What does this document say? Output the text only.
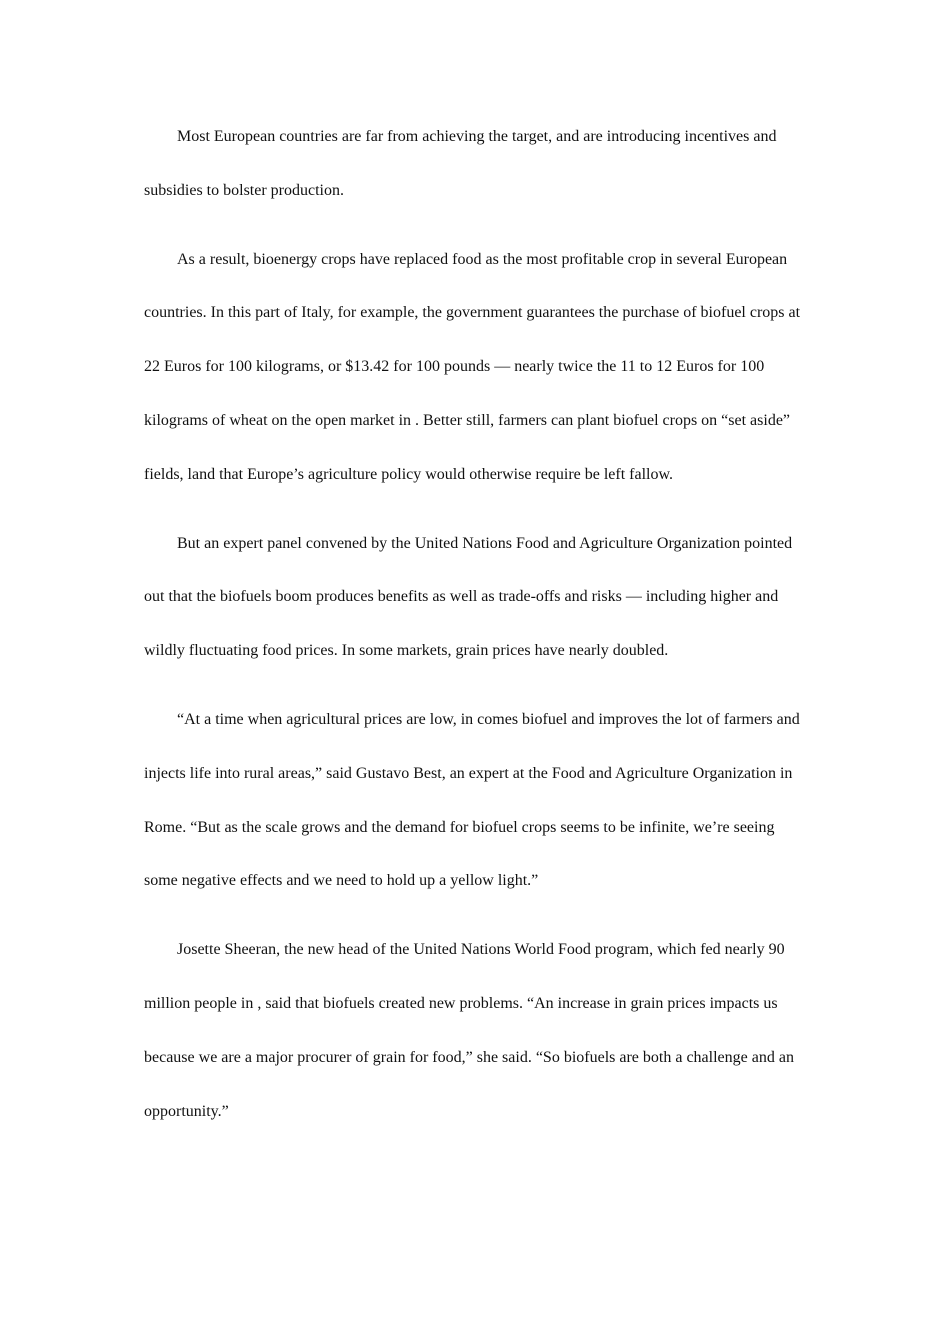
Most European countries are far from achieving the target, and are introducing incentives and subsidies to bolster production.

As a result, bioenergy crops have replaced food as the most profitable crop in several European countries. In this part of Italy, for example, the government guarantees the purchase of biofuel crops at 22 Euros for 100 kilograms, or $13.42 for 100 pounds — nearly twice the 11 to 12 Euros for 100 kilograms of wheat on the open market in . Better still, farmers can plant biofuel crops on “set aside” fields, land that Europe’s agriculture policy would otherwise require be left fallow.

But an expert panel convened by the United Nations Food and Agriculture Organization pointed out that the biofuels boom produces benefits as well as trade-offs and risks — including higher and wildly fluctuating food prices. In some markets, grain prices have nearly doubled.

“At a time when agricultural prices are low, in comes biofuel and improves the lot of farmers and injects life into rural areas,” said Gustavo Best, an expert at the Food and Agriculture Organization in Rome. “But as the scale grows and the demand for biofuel crops seems to be infinite, we’re seeing some negative effects and we need to hold up a yellow light.”

Josette Sheeran, the new head of the United Nations World Food program, which fed nearly 90 million people in , said that biofuels created new problems. “An increase in grain prices impacts us because we are a major procurer of grain for food,” she said. “So biofuels are both a challenge and an opportunity.”
